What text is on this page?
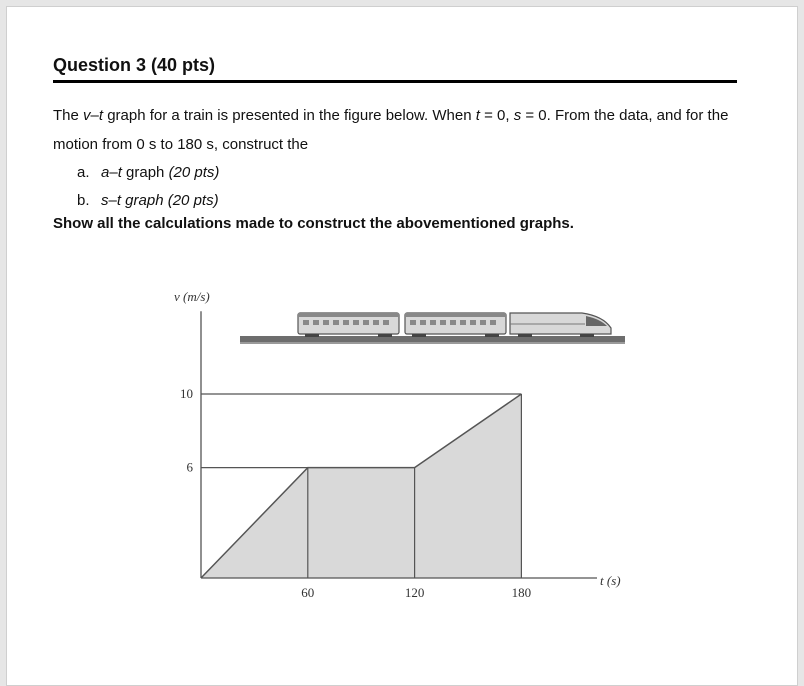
Question 3 (40 pts)
The v–t graph for a train is presented in the figure below. When t = 0, s = 0. From the data, and for the motion from 0 s to 180 s, construct the
a. a–t graph (20 pts)
b. s–t graph (20 pts)
Show all the calculations made to construct the abovementioned graphs.
6
10
60	120	180
v (m/s)
t (s)
